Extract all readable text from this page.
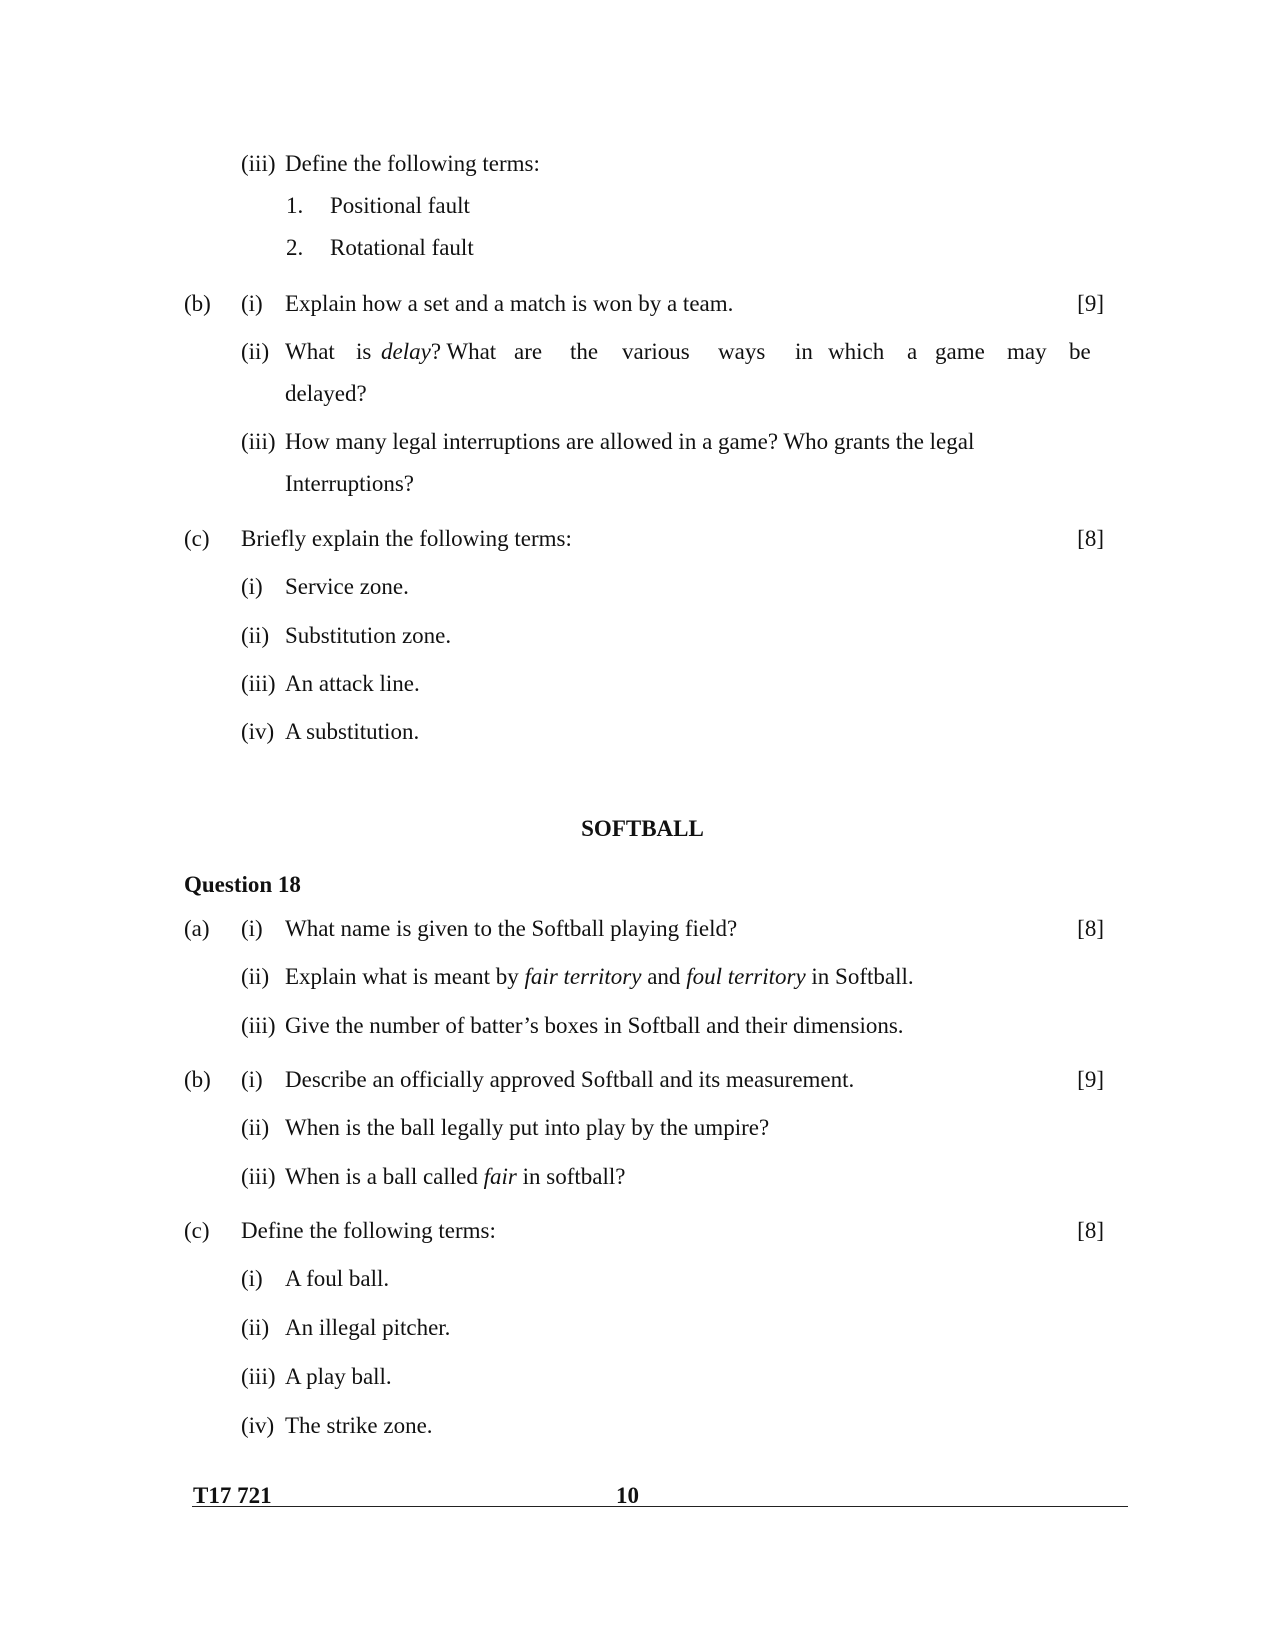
(iii) Define the following terms:
1. Positional fault
2. Rotational fault
(b) (i) Explain how a set and a match is won by a team.	[9]
(ii) What is delay? What are the various ways in which a game may be
delayed?
(iii) How many legal interruptions are allowed in a game? Who grants the legal
Interruptions?
(c) Briefly explain the following terms:	[8]
(i) Service zone.
(ii) Substitution zone.
(iii) An attack line.
(iv) A substitution.
SOFTBALL
Question 18
(a) (i) What name is given to the Softball playing field?	[8]
(ii) Explain what is meant by fair territory and foul territory in Softball.
(iii) Give the number of batter’s boxes in Softball and their dimensions.
(b) (i) Describe an officially approved Softball and its measurement.	[9]
(ii) When is the ball legally put into play by the umpire?
(iii) When is a ball called fair in softball?
(c) Define the following terms:	[8]
(i) A foul ball.
(ii) An illegal pitcher.
(iii) A play ball.
(iv) The strike zone.
T17 721	10
